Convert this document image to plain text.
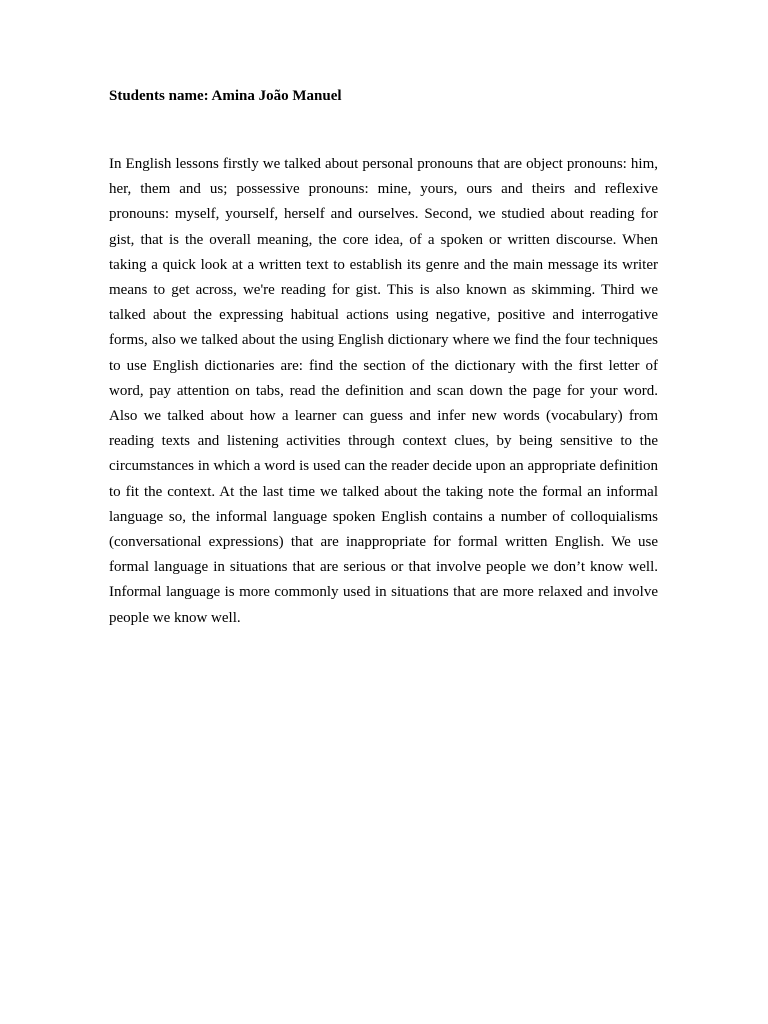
Students name: Amina João Manuel

In English lessons firstly we talked about personal pronouns that are object pronouns: him, her, them and us; possessive pronouns: mine, yours, ours and theirs and reflexive pronouns: myself, yourself, herself and ourselves. Second, we studied about reading for gist, that is the overall meaning, the core idea, of a spoken or written discourse. When taking a quick look at a written text to establish its genre and the main message its writer means to get across, we're reading for gist. This is also known as skimming. Third we talked about the expressing habitual actions using negative, positive and interrogative forms, also we talked about the using English dictionary where we find the four techniques to use English dictionaries are: find the section of the dictionary with the first letter of word, pay attention on tabs, read the definition and scan down the page for your word. Also we talked about how a learner can guess and infer new words (vocabulary) from reading texts and listening activities through context clues, by being sensitive to the circumstances in which a word is used can the reader decide upon an appropriate definition to fit the context. At the last time we talked about the taking note the formal an informal language so, the informal language spoken English contains a number of colloquialisms (conversational expressions) that are inappropriate for formal written English. We use formal language in situations that are serious or that involve people we don’t know well. Informal language is more commonly used in situations that are more relaxed and involve people we know well.
